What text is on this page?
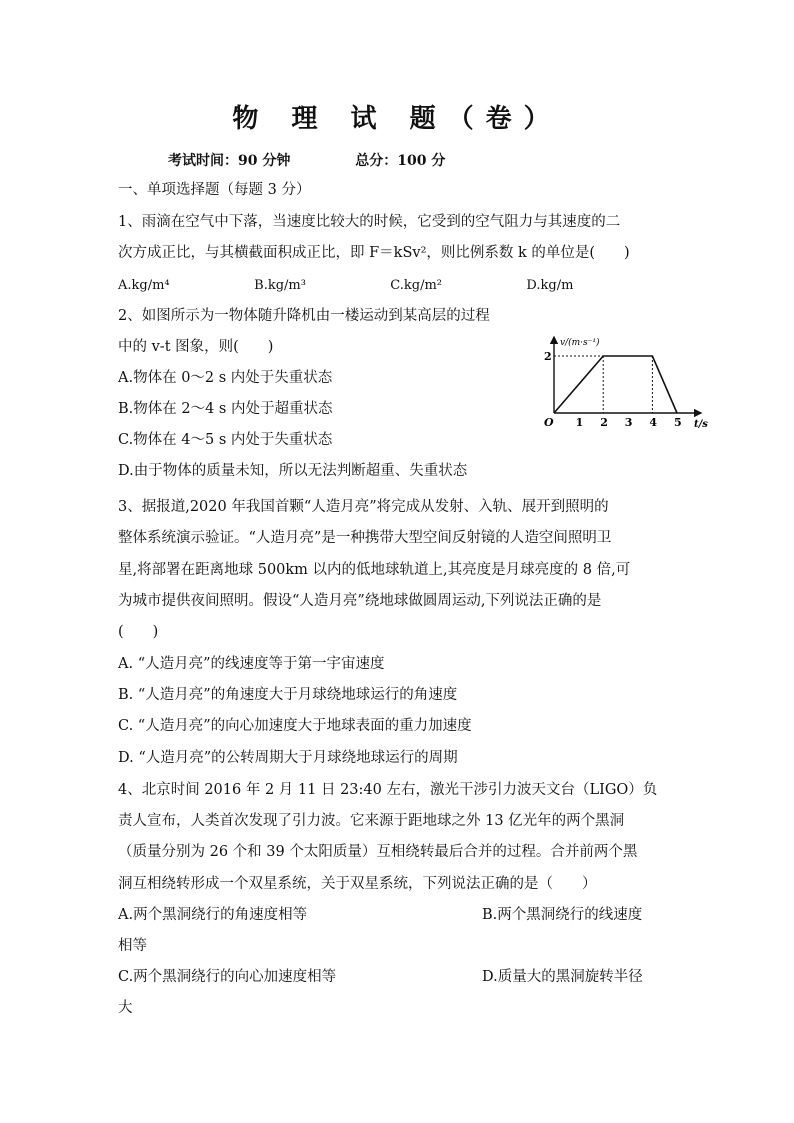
物 理 试 题（卷）
考试时间：90 分钟	总分：100 分
一、单项选择题（每题 3 分）
1、雨滴在空气中下落，当速度比较大的时候，它受到的空气阻力与其速度的二
次方成正比，与其横截面积成正比，即 F＝kSv²，则比例系数 k 的单位是(　　)
A.kg/m⁴	B.kg/m³	C.kg/m²	D.kg/m
2、如图所示为一物体随升降机由一楼运动到某高层的过程
中的 v-t 图象，则(　　)
A.物体在 0～2 s 内处于失重状态
B.物体在 2～4 s 内处于超重状态
C.物体在 4～5 s 内处于失重状态
D.由于物体的质量未知，所以无法判断超重、失重状态
v/(m·s⁻¹)
t/s
O 1 2 3 4 5
2
3、据报道,2020 年我国首颗“人造月亮”将完成从发射、入轨、展开到照明的
整体系统演示验证。“人造月亮”是一种携带大型空间反射镜的人造空间照明卫
星,将部署在距离地球 500km 以内的低地球轨道上,其亮度是月球亮度的 8 倍,可
为城市提供夜间照明。假设“人造月亮”绕地球做圆周运动,下列说法正确的是
(　　)
A. “人造月亮”的线速度等于第一宇宙速度
B. “人造月亮”的角速度大于月球绕地球运行的角速度
C. “人造月亮”的向心加速度大于地球表面的重力加速度
D. “人造月亮”的公转周期大于月球绕地球运行的周期
4、北京时间 2016 年 2 月 11 日 23:40 左右，激光干涉引力波天文台（LIGO）负
责人宣布，人类首次发现了引力波。它来源于距地球之外 13 亿光年的两个黑洞
（质量分别为 26 个和 39 个太阳质量）互相绕转最后合并的过程。合并前两个黑
洞互相绕转形成一个双星系统，关于双星系统，下列说法正确的是（　　）
A.两个黑洞绕行的角速度相等	B.两个黑洞绕行的线速度
相等
C.两个黑洞绕行的向心加速度相等	D.质量大的黑洞旋转半径
大
